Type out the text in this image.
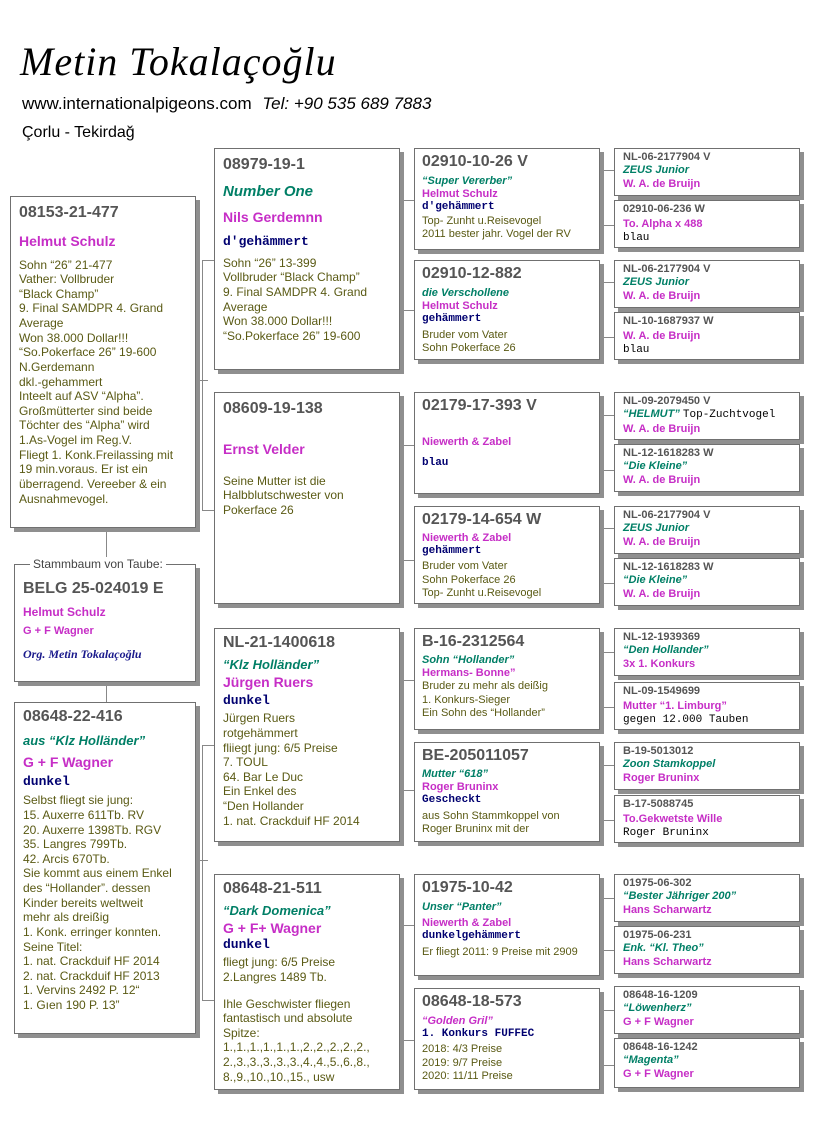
Metin Tokalaçoğlu
www.internationalpigeons.com Tel: +90 535 689 7883
Çorlu - Tekirdağ
08153-21-477
Helmut Schulz
Sohn “26” 21-477
Vather: Vollbruder
“Black Champ”
9. Final SAMDPR 4. Grand
Average
Won 38.000 Dollar!!!
“So.Pokerface 26” 19-600
N.Gerdemann
dkl.-gehammert
Inteelt auf ASV “Alpha”.
Großmütterter sind beide
Töchter des “Alpha” wird
1.As-Vogel im Reg.V.
Fliegt 1. Konk.Freilassing mit
19 min.voraus. Er ist ein
überragend. Vereeber & ein
Ausnahmevogel.
BELG 25-024019 E
Helmut Schulz
G + F Wagner
Org. Metin Tokalaçoğlu
Stammbaum von Taube:
08648-22-416
aus “Klz Holländer”
G + F Wagner
dunkel
Selbst fliegt sie jung:
15. Auxerre 611Tb. RV
20. Auxerre 1398Tb. RGV
35. Langres 799Tb.
42. Arcis 670Tb.
Sie kommt aus einem Enkel
des “Hollander”. dessen
Kinder bereits weltweit
mehr als dreißig
1. Konk. erringer konnten.
Seine Titel:
1. nat. Crackduif HF 2014
2. nat. Crackduif HF 2013
1. Vervins 2492 P. 12“
1. Gıen 190 P. 13”
08979-19-1
Number One
Nils Gerdemnn
d'gehämmert
Sohn “26” 13-399
Vollbruder “Black Champ”
9. Final SAMDPR 4. Grand
Average
Won 38.000 Dollar!!!
“So.Pokerface 26” 19-600
08609-19-138
Ernst Velder
Seine Mutter ist die
Halbblutschwester von
Pokerface 26
NL-21-1400618
“Klz Holländer”
Jürgen Ruers
dunkel
Jürgen Ruers
rotgehämmert
fliiegt jung: 6/5 Preise
7. TOUL
64. Bar Le Duc
Ein Enkel des
“Den Hollander
1. nat. Crackduif HF 2014
08648-21-511
“Dark Domenica”
G + F+ Wagner
dunkel
fliegt jung: 6/5 Preise
2.Langres 1489 Tb.
Ihle Geschwister fliegen
fantastisch und absolute
Spitze:
1.,1.,1.,1.,1.,1.,2.,2.,2.,2.,2.,
2.,3.,3.,3.,3.,3.,4.,4.,5.,6.,8.,
8.,9.,10.,10.,15., usw
02910-10-26 V
“Super Vererber”
Helmut Schulz
d'gehämmert
Top- Zunht u.Reisevogel
2011 bester jahr. Vogel der RV
02910-12-882
die Verschollene
Helmut Schulz
gehämmert
Bruder vom Vater
Sohn Pokerface 26
02179-17-393 V
Niewerth & Zabel
blau
02179-14-654 W
Niewerth & Zabel
gehämmert
Bruder vom Vater
Sohn Pokerface 26
Top- Zunht u.Reisevogel
B-16-2312564
Sohn “Hollander”
Hermans- Bonne”
Bruder zu mehr als deißig
1. Konkurs-Sieger
Ein Sohn des “Hollander”
BE-205011057
Mutter “618”
Roger Bruninx
Gescheckt
aus Sohn Stammkoppel von
Roger Bruninx mit der
01975-10-42
Unser “Panter”
Niewerth & Zabel
dunkelgehämmert
Er fliegt 2011: 9 Preise mit 2909
08648-18-573
“Golden Gril”
1. Konkurs FUFFEC
2018: 4/3 Preise
2019: 9/7 Preise
2020: 11/11 Preise
NL-06-2177904 V
ZEUS Junior
W. A. de Bruijn
02910-06-236 W
To. Alpha x 488
blau
NL-06-2177904 V
ZEUS Junior
W. A. de Bruijn
NL-10-1687937 W
W. A. de Bruijn
blau
NL-09-2079450 V
“HELMUT” Top-Zuchtvogel
W. A. de Bruijn
NL-12-1618283 W
“Die Kleine”
W. A. de Bruijn
NL-06-2177904 V
ZEUS Junior
W. A. de Bruijn
NL-12-1618283 W
“Die Kleine”
W. A. de Bruijn
NL-12-1939369
“Den Hollander”
3x 1. Konkurs
NL-09-1549699
Mutter “1. Limburg”
gegen 12.000 Tauben
B-19-5013012
Zoon Stamkoppel
Roger Bruninx
B-17-5088745
To.Gekwetste Wille
Roger Bruninx
01975-06-302
“Bester Jähriger 200”
Hans Scharwartz
01975-06-231
Enk. “Kl. Theo”
Hans Scharwartz
08648-16-1209
“Löwenherz”
G + F Wagner
08648-16-1242
“Magenta”
G + F Wagner
